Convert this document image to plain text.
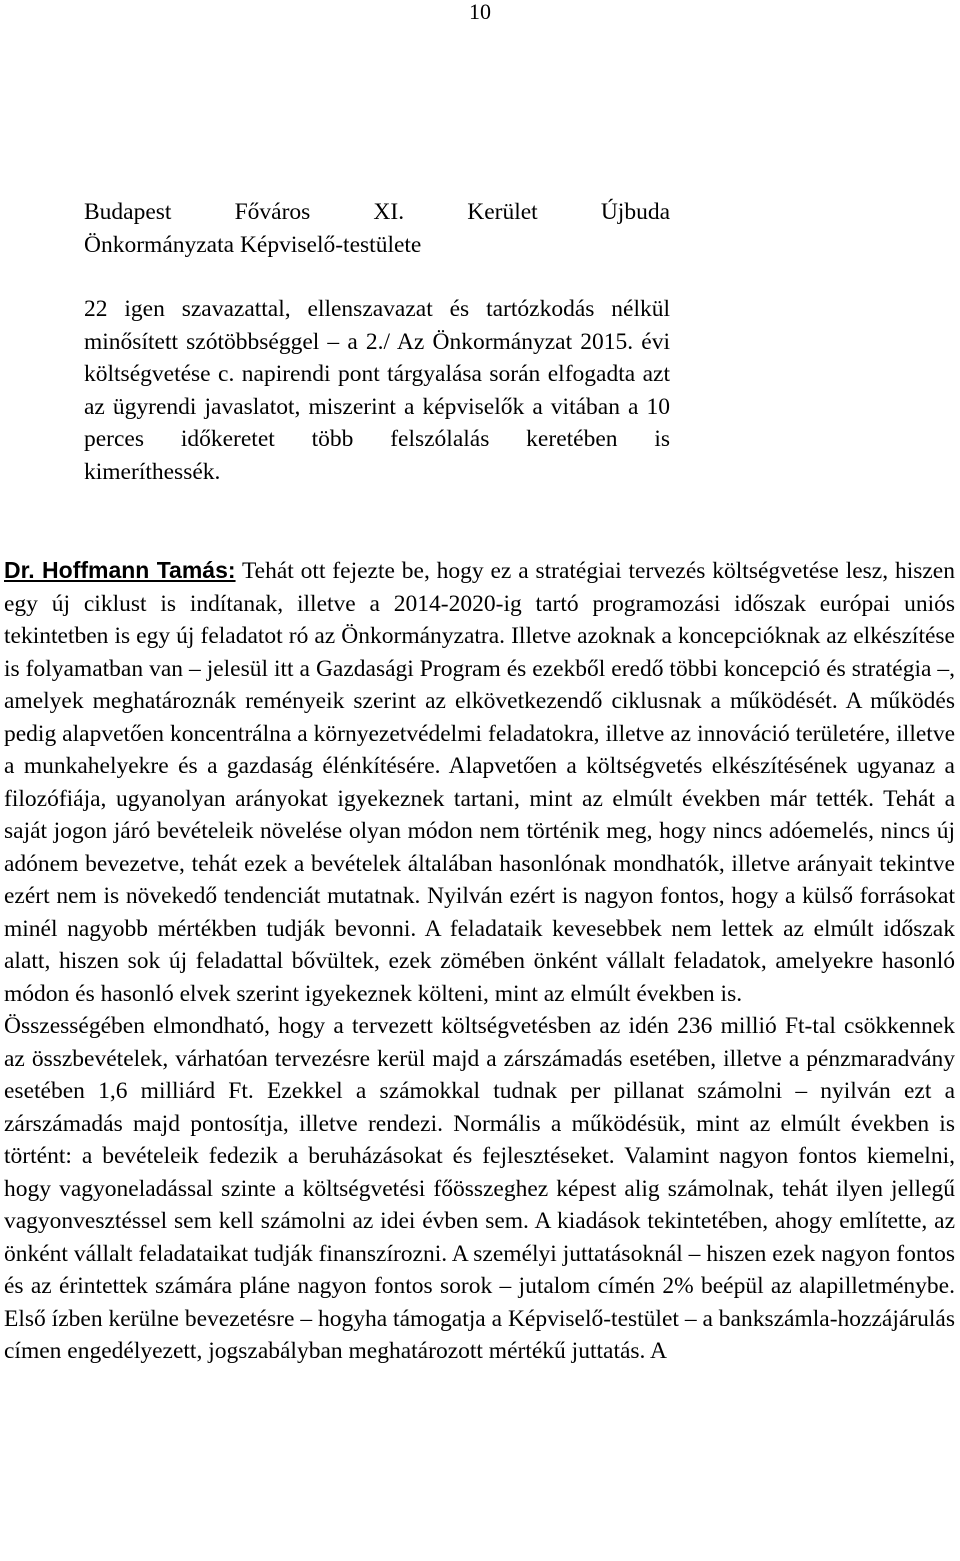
10
Budapest Főváros XI. Kerület Újbuda
Önkormányzata Képviselő-testülete
22 igen szavazattal, ellenszavazat és tartózkodás nélkül minősített szótöbbséggel – a 2./ Az Önkormányzat 2015. évi költségvetése c. napirendi pont tárgyalása során elfogadta azt az ügyrendi javaslatot, miszerint a képviselők a vitában a 10 perces időkeretet több felszólalás keretében is
kimeríthessék.

Dr. Hoffmann Tamás: Tehát ott fejezte be, hogy ez a stratégiai tervezés költségvetése lesz, hiszen egy új ciklust is indítanak, illetve a 2014-2020-ig tartó programozási időszak európai uniós tekintetben is egy új feladatot ró az Önkormányzatra. Illetve azoknak a koncepcióknak az elkészítése is folyamatban van – jelesül itt a Gazdasági Program és ezekből eredő többi koncepció és stratégia –, amelyek meghatároznák reményeik szerint az elkövetkezendő ciklusnak a működését. A működés pedig alapvetően koncentrálna a környezetvédelmi feladatokra, illetve az innováció területére, illetve a munkahelyekre és a gazdaság élénkítésére. Alapvetően a költségvetés elkészítésének ugyanaz a filozófiája, ugyanolyan arányokat igyekeznek tartani, mint az elmúlt években már tették. Tehát a saját jogon járó bevételeik növelése olyan módon nem történik meg, hogy nincs adóemelés, nincs új adónem bevezetve, tehát ezek a bevételek általában hasonlónak mondhatók, illetve arányait tekintve ezért nem is növekedő tendenciát mutatnak. Nyilván ezért is nagyon fontos, hogy a külső forrásokat minél nagyobb mértékben tudják bevonni. A feladataik kevesebbek nem lettek az elmúlt időszak alatt, hiszen sok új feladattal bővültek, ezek zömében önként vállalt feladatok, amelyekre hasonló módon és hasonló elvek szerint igyekeznek költeni, mint az elmúlt években is.

Összességében elmondható, hogy a tervezett költségvetésben az idén 236 millió Ft-tal csökkennek az összbevételek, várhatóan tervezésre kerül majd a zárszámadás esetében, illetve a pénzmaradvány esetében 1,6 milliárd Ft. Ezekkel a számokkal tudnak per pillanat számolni – nyilván ezt a zárszámadás majd pontosítja, illetve rendezi. Normális a működésük, mint az elmúlt években is történt: a bevételeik fedezik a beruházásokat és fejlesztéseket. Valamint nagyon fontos kiemelni, hogy vagyoneladással szinte a költségvetési főösszeghez képest alig számolnak, tehát ilyen jellegű vagyonvesztéssel sem kell számolni az idei évben sem. A kiadások tekintetében, ahogy említette, az önként vállalt feladataikat tudják finanszírozni. A személyi juttatásoknál – hiszen ezek nagyon fontos és az érintettek számára pláne nagyon fontos sorok – jutalom címén 2% beépül az alapilletménybe. Első ízben kerülne bevezetésre – hogyha támogatja a Képviselő-testület – a bankszámla-hozzájárulás címen engedélyezett, jogszabályban meghatározott mértékű juttatás. A
